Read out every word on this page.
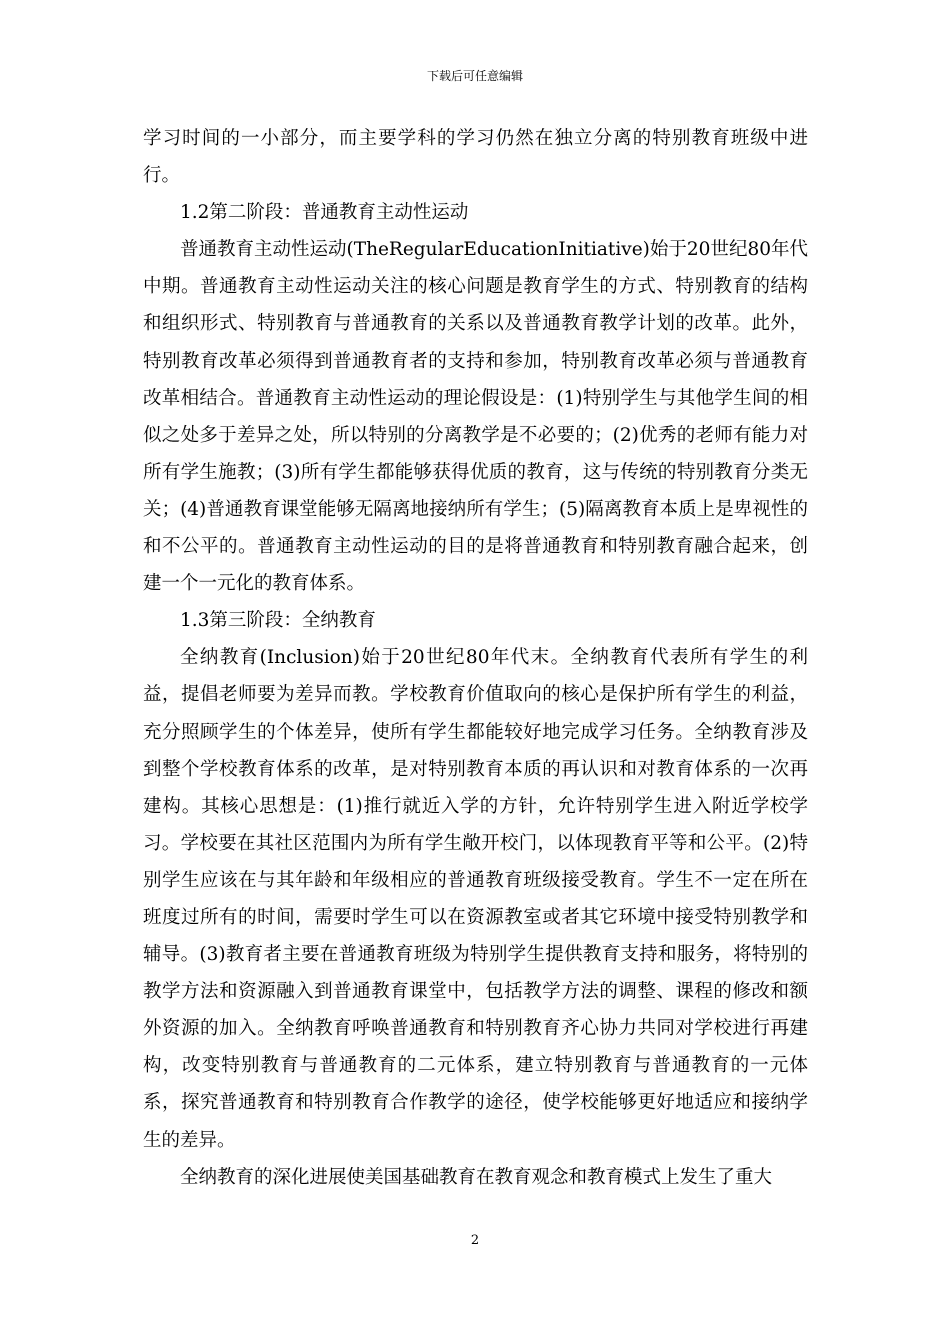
下载后可任意编辑

学习时间的一小部分，而主要学科的学习仍然在独立分离的特别教育班级中进行。

1.2第二阶段：普通教育主动性运动

普通教育主动性运动(TheRegularEducationInitiative)始于20世纪80年代中期。普通教育主动性运动关注的核心问题是教育学生的方式、特别教育的结构和组织形式、特别教育与普通教育的关系以及普通教育教学计划的改革。此外，特别教育改革必须得到普通教育者的支持和参加，特别教育改革必须与普通教育改革相结合。普通教育主动性运动的理论假设是：(1)特别学生与其他学生间的相似之处多于差异之处，所以特别的分离教学是不必要的；(2)优秀的老师有能力对所有学生施教；(3)所有学生都能够获得优质的教育，这与传统的特别教育分类无关；(4)普通教育课堂能够无隔离地接纳所有学生；(5)隔离教育本质上是卑视性的和不公平的。普通教育主动性运动的目的是将普通教育和特别教育融合起来，创建一个一元化的教育体系。

1.3第三阶段：全纳教育

全纳教育(Inclusion)始于20世纪80年代末。全纳教育代表所有学生的利益，提倡老师要为差异而教。学校教育价值取向的核心是保护所有学生的利益，充分照顾学生的个体差异，使所有学生都能较好地完成学习任务。全纳教育涉及到整个学校教育体系的改革，是对特别教育本质的再认识和对教育体系的一次再建构。其核心思想是：(1)推行就近入学的方针，允许特别学生进入附近学校学习。学校要在其社区范围内为所有学生敞开校门，以体现教育平等和公平。(2)特别学生应该在与其年龄和年级相应的普通教育班级接受教育。学生不一定在所在班度过所有的时间，需要时学生可以在资源教室或者其它环境中接受特别教学和辅导。(3)教育者主要在普通教育班级为特别学生提供教育支持和服务，将特别的教学方法和资源融入到普通教育课堂中，包括教学方法的调整、课程的修改和额外资源的加入。全纳教育呼唤普通教育和特别教育齐心协力共同对学校进行再建构，改变特别教育与普通教育的二元体系，建立特别教育与普通教育的一元体系，探究普通教育和特别教育合作教学的途径，使学校能够更好地适应和接纳学生的差异。

全纳教育的深化进展使美国基础教育在教育观念和教育模式上发生了重大

2
